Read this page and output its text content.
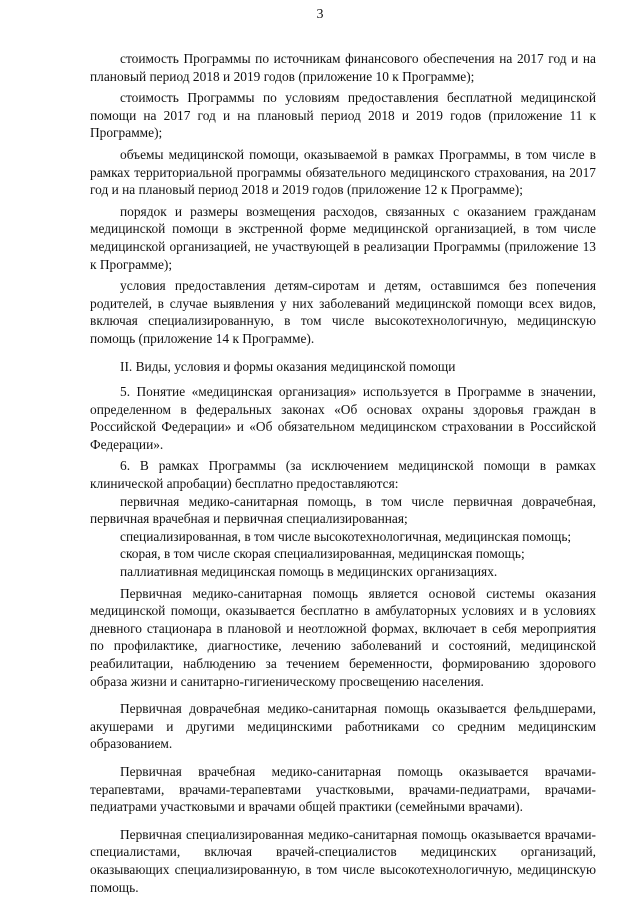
3

стоимость Программы по источникам финансового обеспечения на 2017 год и на плановый период 2018 и 2019 годов (приложение 10 к Программе);

стоимость Программы по условиям предоставления бесплатной медицинской помощи на 2017 год и на плановый период 2018 и 2019 годов (приложение 11 к Программе);

объемы медицинской помощи, оказываемой в рамках Программы, в том числе в рамках территориальной программы обязательного медицинского страхования, на 2017 год и на плановый период 2018 и 2019 годов (приложение 12 к Программе);

порядок и размеры возмещения расходов, связанных с оказанием гражданам медицинской помощи в экстренной форме медицинской организацией, в том числе медицинской организацией, не участвующей в реализации Программы (приложение 13 к Программе);

условия предоставления детям-сиротам и детям, оставшимся без попечения родителей, в случае выявления у них заболеваний медицинской помощи всех видов, включая специализированную, в том числе высокотехнологичную, медицинскую помощь (приложение 14 к Программе).

II. Виды, условия и формы оказания медицинской помощи

5. Понятие «медицинская организация» используется в Программе в значении, определенном в федеральных законах «Об основах охраны здоровья граждан в Российской Федерации» и «Об обязательном медицинском страховании в Российской Федерации».

6. В рамках Программы (за исключением медицинской помощи в рамках клинической апробации) бесплатно предоставляются:

первичная медико-санитарная помощь, в том числе первичная доврачебная, первичная врачебная и первичная специализированная;

специализированная, в том числе высокотехнологичная, медицинская помощь;

скорая, в том числе скорая специализированная, медицинская помощь;

паллиативная медицинская помощь в медицинских организациях.

Первичная медико-санитарная помощь является основой системы оказания медицинской помощи, оказывается бесплатно в амбулаторных условиях и в условиях дневного стационара в плановой и неотложной формах, включает в себя мероприятия по профилактике, диагностике, лечению заболеваний и состояний, медицинской реабилитации, наблюдению за течением беременности, формированию здорового образа жизни и санитарно-гигиеническому просвещению населения.

Первичная доврачебная медико-санитарная помощь оказывается фельдшерами, акушерами и другими медицинскими работниками со средним медицинским образованием.

Первичная врачебная медико-санитарная помощь оказывается врачами-терапевтами, врачами-терапевтами участковыми, врачами-педиатрами, врачами-педиатрами участковыми и врачами общей практики (семейными врачами).

Первичная специализированная медико-санитарная помощь оказывается врачами-специалистами, включая врачей-специалистов медицинских организаций, оказывающих специализированную, в том числе высокотехнологичную, медицинскую помощь.
